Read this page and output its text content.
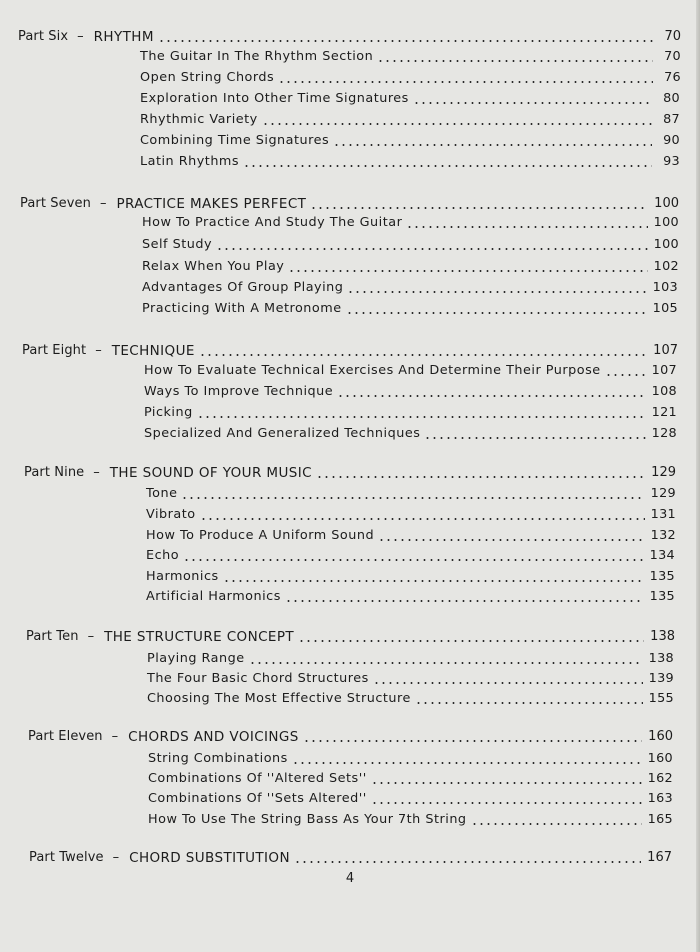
Part Six – RHYTHM	70
The Guitar In The Rhythm Section	70
Open String Chords	76
Exploration Into Other Time Signatures	80
Rhythmic Variety	87
Combining Time Signatures	90
Latin Rhythms	93
Part Seven – PRACTICE MAKES PERFECT	100
How To Practice And Study The Guitar	100
Self Study	100
Relax When You Play	102
Advantages Of Group Playing	103
Practicing With A Metronome	105
Part Eight – TECHNIQUE	107
How To Evaluate Technical Exercises And Determine Their Purpose	107
Ways To Improve Technique	108
Picking	121
Specialized And Generalized Techniques	128
Part Nine – THE SOUND OF YOUR MUSIC	129
Tone	129
Vibrato	131
How To Produce A Uniform Sound	132
Echo	134
Harmonics	135
Artificial Harmonics	135
Part Ten – THE STRUCTURE CONCEPT	138
Playing Range	138
The Four Basic Chord Structures	139
Choosing The Most Effective Structure	155
Part Eleven – CHORDS AND VOICINGS	160
String Combinations	160
Combinations Of ''Altered Sets''	162
Combinations Of ''Sets Altered''	163
How To Use The String Bass As Your 7th String	165
Part Twelve – CHORD SUBSTITUTION	167
4
